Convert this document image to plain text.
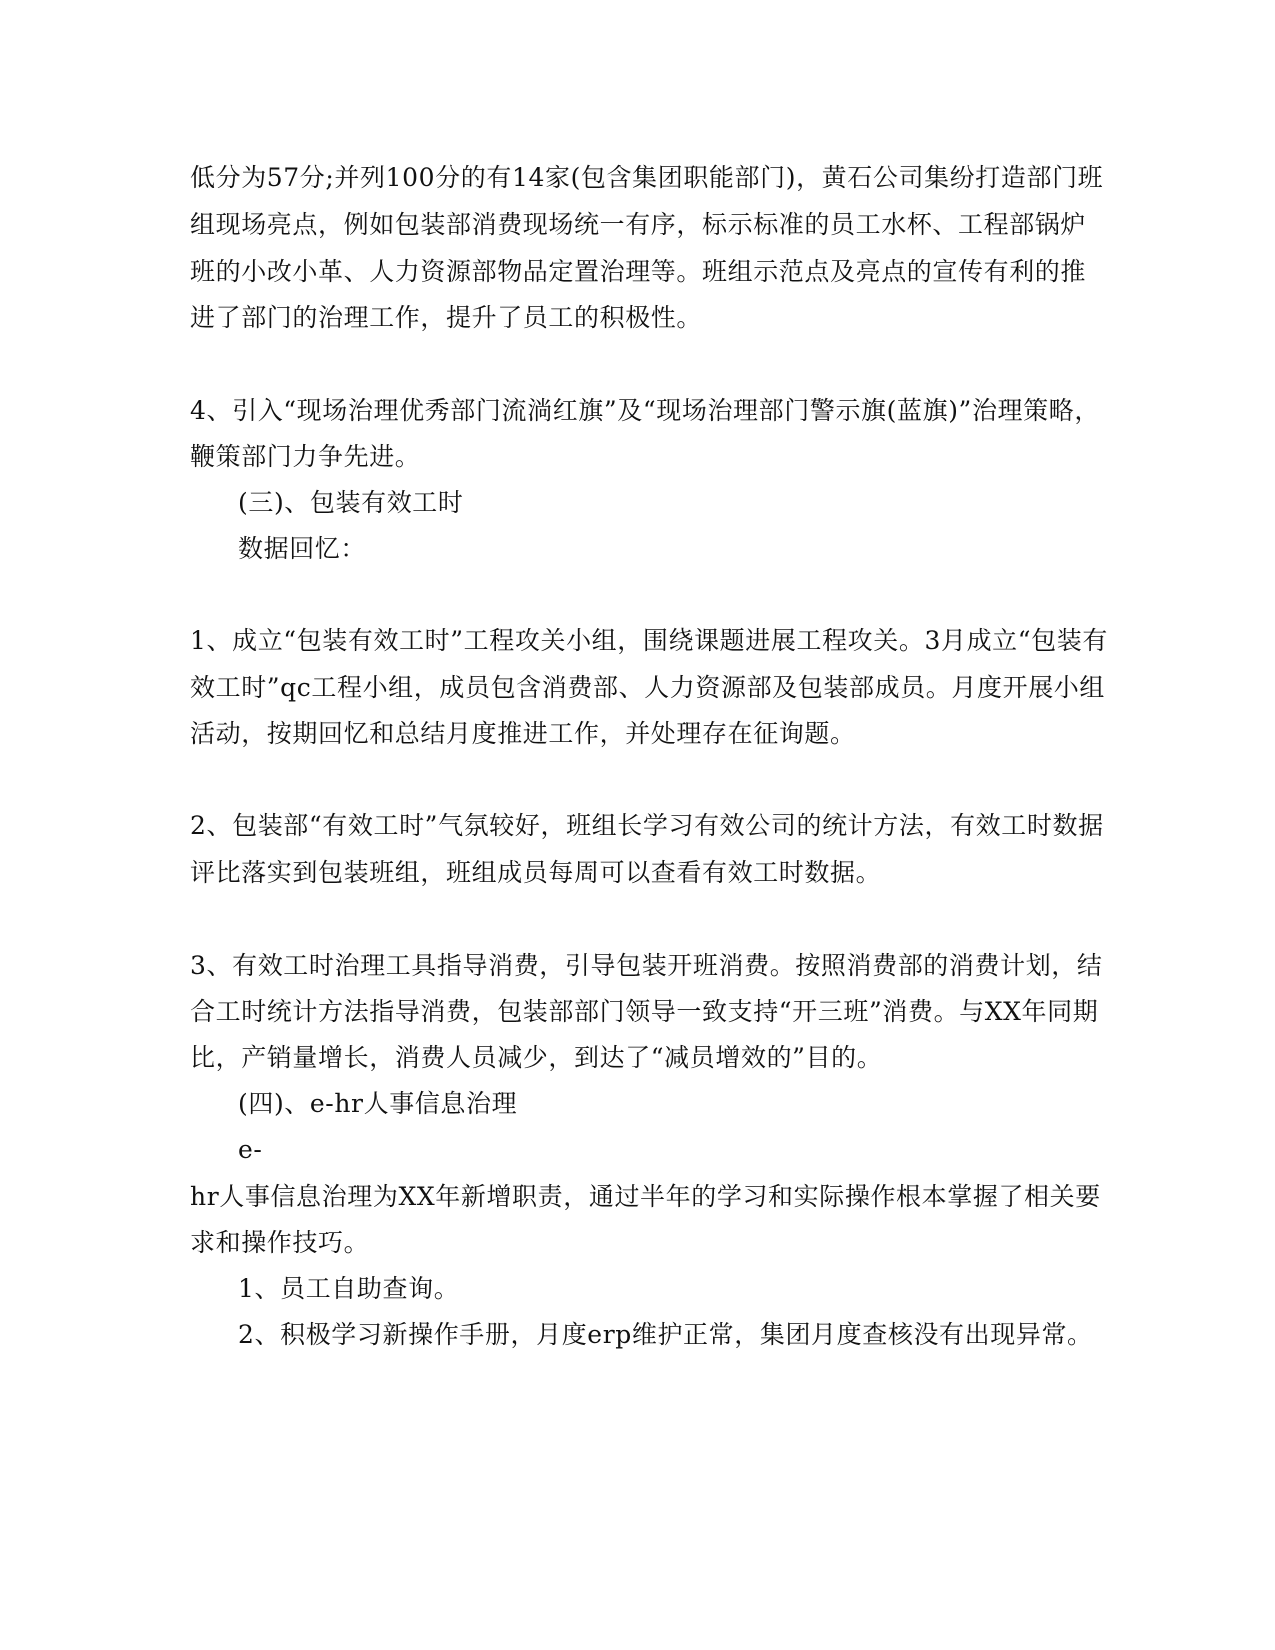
低分为57分;并列100分的有14家(包含集团职能部门)，黄石公司集纷打造部门班
组现场亮点，例如包装部消费现场统一有序，标示标准的员工水杯、工程部锅炉
班的小改小革、人力资源部物品定置治理等。班组示范点及亮点的宣传有利的推
进了部门的治理工作，提升了员工的积极性。
4、引入“现场治理优秀部门流淌红旗”及“现场治理部门警示旗(蓝旗)”治理策略，
鞭策部门力争先进。
(三)、包装有效工时
数据回忆：
1、成立“包装有效工时”工程攻关小组，围绕课题进展工程攻关。3月成立“包装有
效工时”qc工程小组，成员包含消费部、人力资源部及包装部成员。月度开展小组
活动，按期回忆和总结月度推进工作，并处理存在征询题。
2、包装部“有效工时”气氛较好，班组长学习有效公司的统计方法，有效工时数据
评比落实到包装班组，班组成员每周可以查看有效工时数据。
3、有效工时治理工具指导消费，引导包装开班消费。按照消费部的消费计划，结
合工时统计方法指导消费，包装部部门领导一致支持“开三班”消费。与XX年同期
比，产销量增长，消费人员减少，到达了“减员增效的”目的。
(四)、e-hr人事信息治理
e-
hr人事信息治理为XX年新增职责，通过半年的学习和实际操作根本掌握了相关要
求和操作技巧。
1、员工自助查询。
2、积极学习新操作手册，月度erp维护正常，集团月度查核没有出现异常。
